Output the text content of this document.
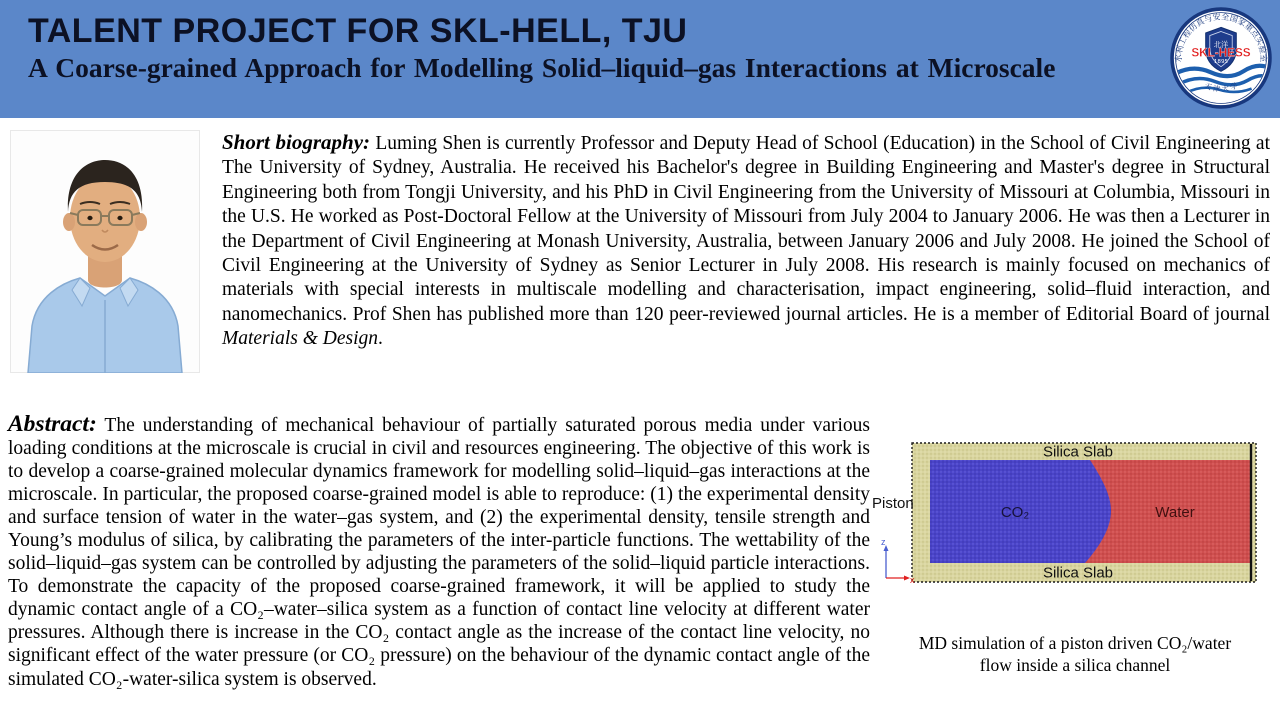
TALENT PROJECT FOR SKL-HELL, TJU
A Coarse-grained Approach for Modelling Solid–liquid–gas Interactions at Microscale	水利工程仿真与安全国家重点实验室
北洋
1895
SKL-HESS
天 津 大 学

Short biography: Luming Shen is currently Professor and Deputy Head of School (Education) in the School of Civil Engineering at The University of Sydney, Australia. He received his Bachelor's degree in Building Engineering and Master's degree in Structural Engineering both from Tongji University, and his PhD in Civil Engineering from the University of Missouri at Columbia, Missouri in the U.S. He worked as Post-Doctoral Fellow at the University of Missouri from July 2004 to January 2006. He was then a Lecturer in the Department of Civil Engineering at Monash University, Australia, between January 2006 and July 2008. He joined the School of Civil Engineering at the University of Sydney as Senior Lecturer in July 2008. His research is mainly focused on mechanics of materials with special interests in multiscale modelling and characterisation, impact engineering, solid–fluid interaction, and nanomechanics. Prof Shen has published more than 120 peer-reviewed journal articles. He is a member of Editorial Board of journal Materials & Design.

Abstract: The understanding of mechanical behaviour of partially saturated porous media under various loading conditions at the microscale is crucial in civil and resources engineering. The objective of this work is to develop a coarse-grained molecular dynamics framework for modelling solid–liquid–gas interactions at the microscale. In particular, the proposed coarse-grained model is able to reproduce: (1) the experimental density and surface tension of water in the water–gas system, and (2) the experimental density, tensile strength and Young’s modulus of silica, by calibrating the parameters of the inter-particle functions. The wettability of the solid–liquid–gas system can be controlled by adjusting the parameters of the solid–liquid particle interactions. To demonstrate the capacity of the proposed coarse-grained framework, it will be applied to study the dynamic contact angle of a CO₂–water–silica system as a function of contact line velocity at different water pressures. Although there is increase in the CO₂ contact angle as the increase of the contact line velocity, no significant effect of the water pressure (or CO₂ pressure) on the behaviour of the dynamic contact angle of the simulated CO₂-water-silica system is observed.

Silica Slab
Silica Slab
CO₂	Water
Piston
z
x
MD simulation of a piston driven CO₂/water
flow inside a silica channel
